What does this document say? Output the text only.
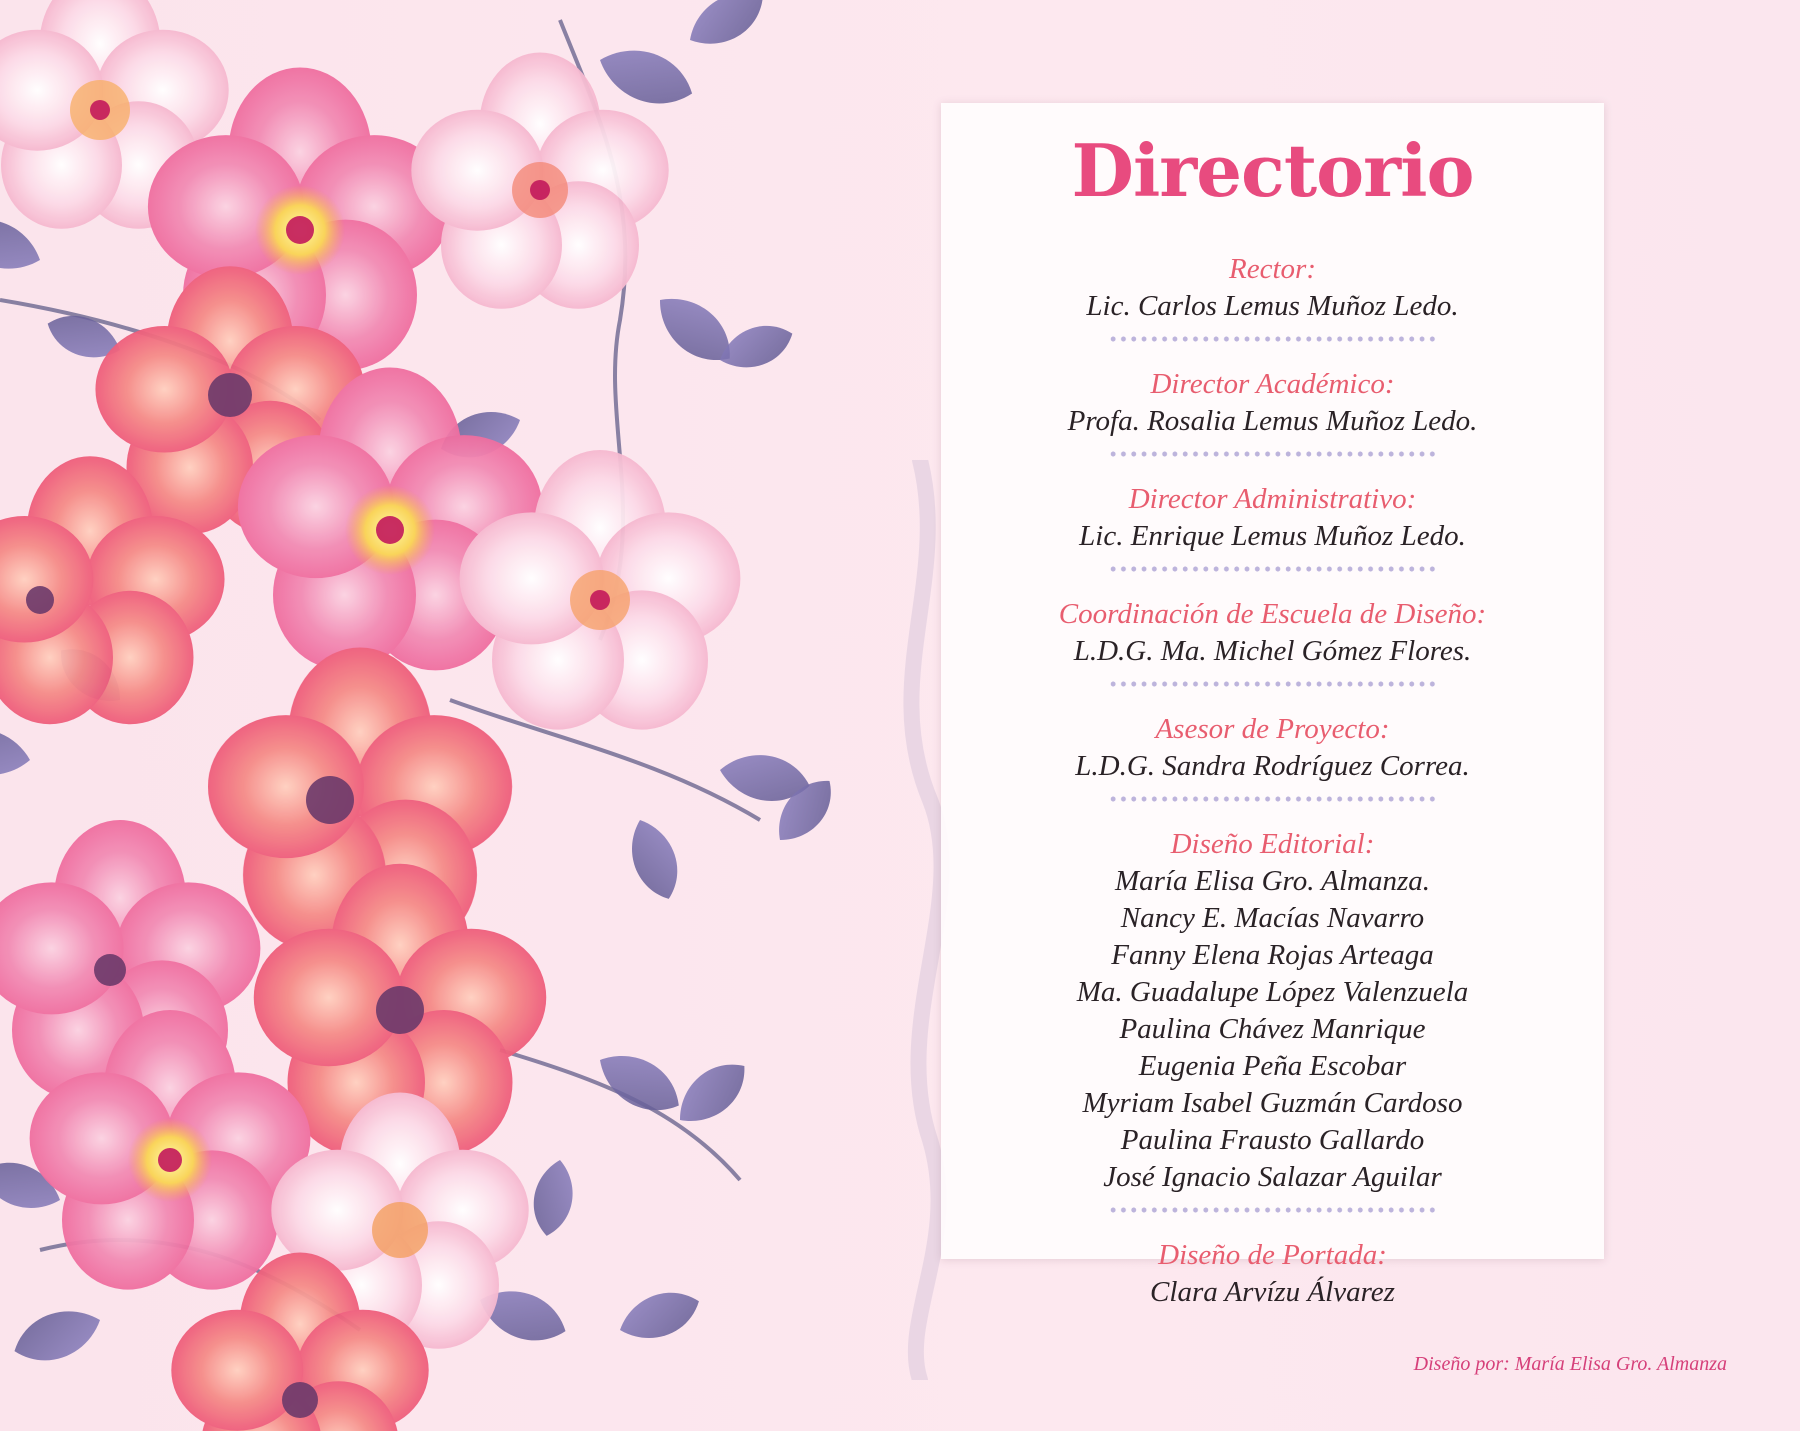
Directorio
Rector:
Lic. Carlos Lemus Muñoz Ledo.
Director Académico:
Profa. Rosalia Lemus Muñoz Ledo.
Director Administrativo:
Lic. Enrique Lemus Muñoz Ledo.
Coordinación de Escuela de Diseño:
L.D.G. Ma. Michel Gómez Flores.
Asesor de Proyecto:
L.D.G. Sandra Rodríguez Correa.
Diseño Editorial:
María Elisa Gro. Almanza.
Nancy E. Macías Navarro
Fanny Elena Rojas Arteaga
Ma. Guadalupe López Valenzuela
Paulina Chávez Manrique
Eugenia Peña Escobar
Myriam Isabel Guzmán Cardoso
Paulina Frausto Gallardo
José Ignacio Salazar Aguilar
Diseño de Portada:
Clara Arvízu Álvarez

Diseño por: María Elisa Gro. Almanza
